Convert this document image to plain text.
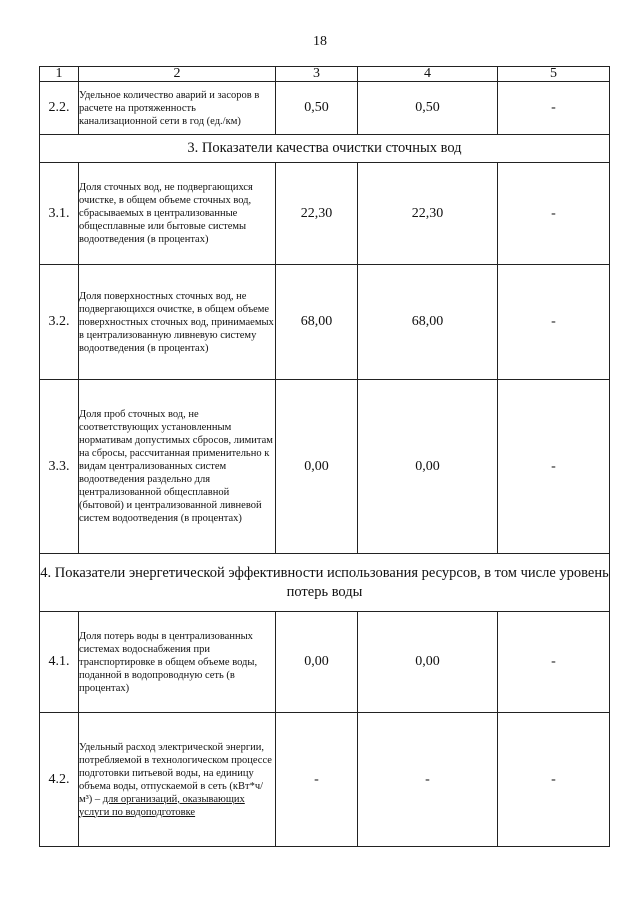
18
1	2	3	4	5
2.2.	Удельное количество аварий и засоров в расчете на протяженность канализационной сети в год (ед./км)	0,50	0,50	-
3. Показатели качества очистки сточных вод				
3.1.	Доля сточных вод, не подвергающихся очистке, в общем объеме сточных вод, сбрасываемых в централизованные общесплавные или бытовые системы водоотведения (в процентах)	22,30	22,30	-
3.2.	Доля поверхностных сточных вод, не подвергающихся очистке, в общем объеме поверхностных сточных вод, принимаемых в централизованную ливневую систему водоотведения (в процентах)	68,00	68,00	-
3.3.	Доля проб сточных вод, не соответствующих установленным нормативам допустимых сбросов, лимитам на сбросы, рассчитанная применительно к видам централизованных систем водоотведения раздельно для централизованной общесплавной (бытовой) и централизованной ливневой систем водоотведения (в процентах)	0,00	0,00	-
4. Показатели энергетической эффективности использования ресурсов, в том числе уровень потерь воды				
4.1.	Доля потерь воды в централизованных системах водоснабжения при транспортировке в общем объеме воды, поданной в водопроводную сеть (в процентах)	0,00	0,00	-
4.2.	Удельный расход электрической энергии, потребляемой в технологическом процессе подготовки питьевой воды, на единицу объема воды, отпускаемой в сеть (кВт*ч/м³) – для организаций, оказывающих услуги по водоподготовке	-	-	-
